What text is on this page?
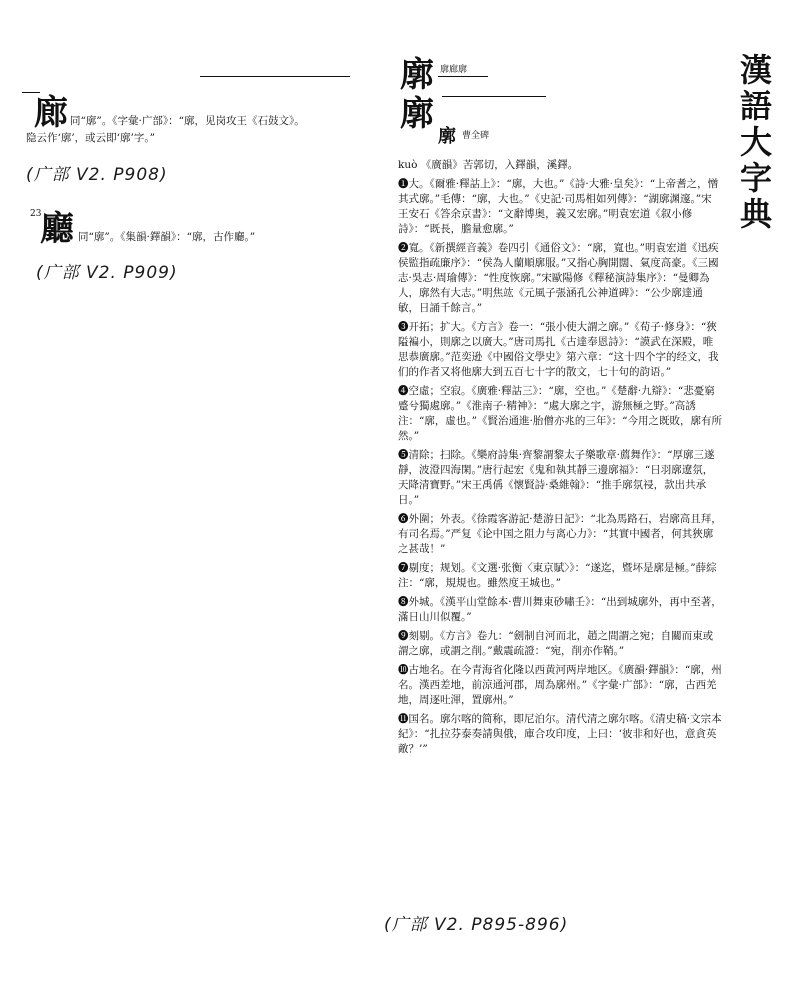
漢
語
大
字
典
廊 同“廓”。《字彙·广部》：“廓，见岗攻王《石鼓文》。
隐云作‘廓’，或云即‘廓’字。”
(广部 V2. P908)
23
廳 同“廓”。《集韻·鐸韻》：“廓，古作廳。”
(广部 V2. P909)
廓 廓廊廓
廓
廓 曹全碑

kuò 《廣韻》苦郭切，入鐸韻，溪鐸。

❶大。《爾雅·釋詁上》：“廓，大也。”《詩·大雅·皇矣》：“上帝耆之，憎其式廓。”毛傳：“廓，大也。”《史記·司馬相如列傳》：“湖廓渊邃。”宋王安石《答余京書》：“文辭博奥，義又宏廓。”明袁宏道《叙小修詩》：“既長，膽量愈廓。”

❷寬。《新撰經音義》卷四引《通俗文》：“廓，寬也。”明袁宏道《迅疾侯監指疏廉序》：“侯為人蘭順廓服。”又指心胸開闊、氣度高豪。《三國志·吳志·周瑜傳》：“性度恢廓。”宋歐陽修《釋秘演詩集序》：“曼卿為人，廓然有大志。”明焦竑《元風子張涵孔公神道碑》：“公少廓達通敏，日誦千餘言。”

❸开拓；扩大。《方言》卷一：“張小使大謂之廓。”《荀子·修身》：“狹隘褊小，則廓之以廣大。”唐司馬扎《古達奉恩詩》：“謨武在深殿，唯思恭廣廓。”范奕逊《中國俗文學史》第六章：“这十四个字的经文，我们的作者又将他廓大到五百七十字的散文，七十句的韵语。”

❹空虛；空寂。《廣雅·釋詁三》：“廓，空也。”《楚辭·九辯》：“悲憂窮蹙兮獨處廓。”《淮南子·精神》：“處大廓之宇，游無極之野。”高誘注：“廓，虛也。”《賢治通進·胎僧亦兆的三年》：“今用之既敗，廓有所然。”

❺清除；扫除。《樂府詩集·齊黎謂黎太子樂歌章·薦舞作》：“厚廓三遂靜，波澄四海閑。”唐行起宏《鬼和執其靜三邊廓福》：“日羽廓遼氛，天降清寶野。”宋王禹偁《懷賢詩·桑維翰》：“推手廓氛祲，款出共承日。”

❻外圍；外表。《徐霞客游記·楚游日記》：“北為馬路石，岩廓高且拜，有司名焉。”严复《论中国之阻力与离心力》：“其實中國者，何其狹廓之甚哉！”

❼剔度；规划。《文選·张衡〈東京賦〉》：“遂迄，暨坏是廓是極。”薛綜注：“廓，規規也。雖然度王城也。”

❽外城。《漢平山堂餘本·曹川舞東砂嘯壬》：“出到城廓外，再中至著，滿日山川似覆。”

❾刻剔。《方言》卷九：“劍制自河而北，趙之間謂之宛；自關而東或謂之廓，或謂之削。”戴震疏證：“宛，削亦作鞘。”

❿古地名。在今青海省化隆以西黄河两岸地区。《廣韻·鐸韻》：“廓，州名。漢西差地，前涼通河郡，周為廓州。”《字彙·广部》：“廓，古西羌地，周逐吐渾，置廓州。”

⓫国名。廓尔喀的简称，即尼泊尔。清代清之廓尔喀。《清史稿·文宗本紀》：“扎拉芬泰奏請與俄，庫合攻印度，上曰：‘彼非和好也，意貪英敵？’”

(广部 V2. P895-896)
